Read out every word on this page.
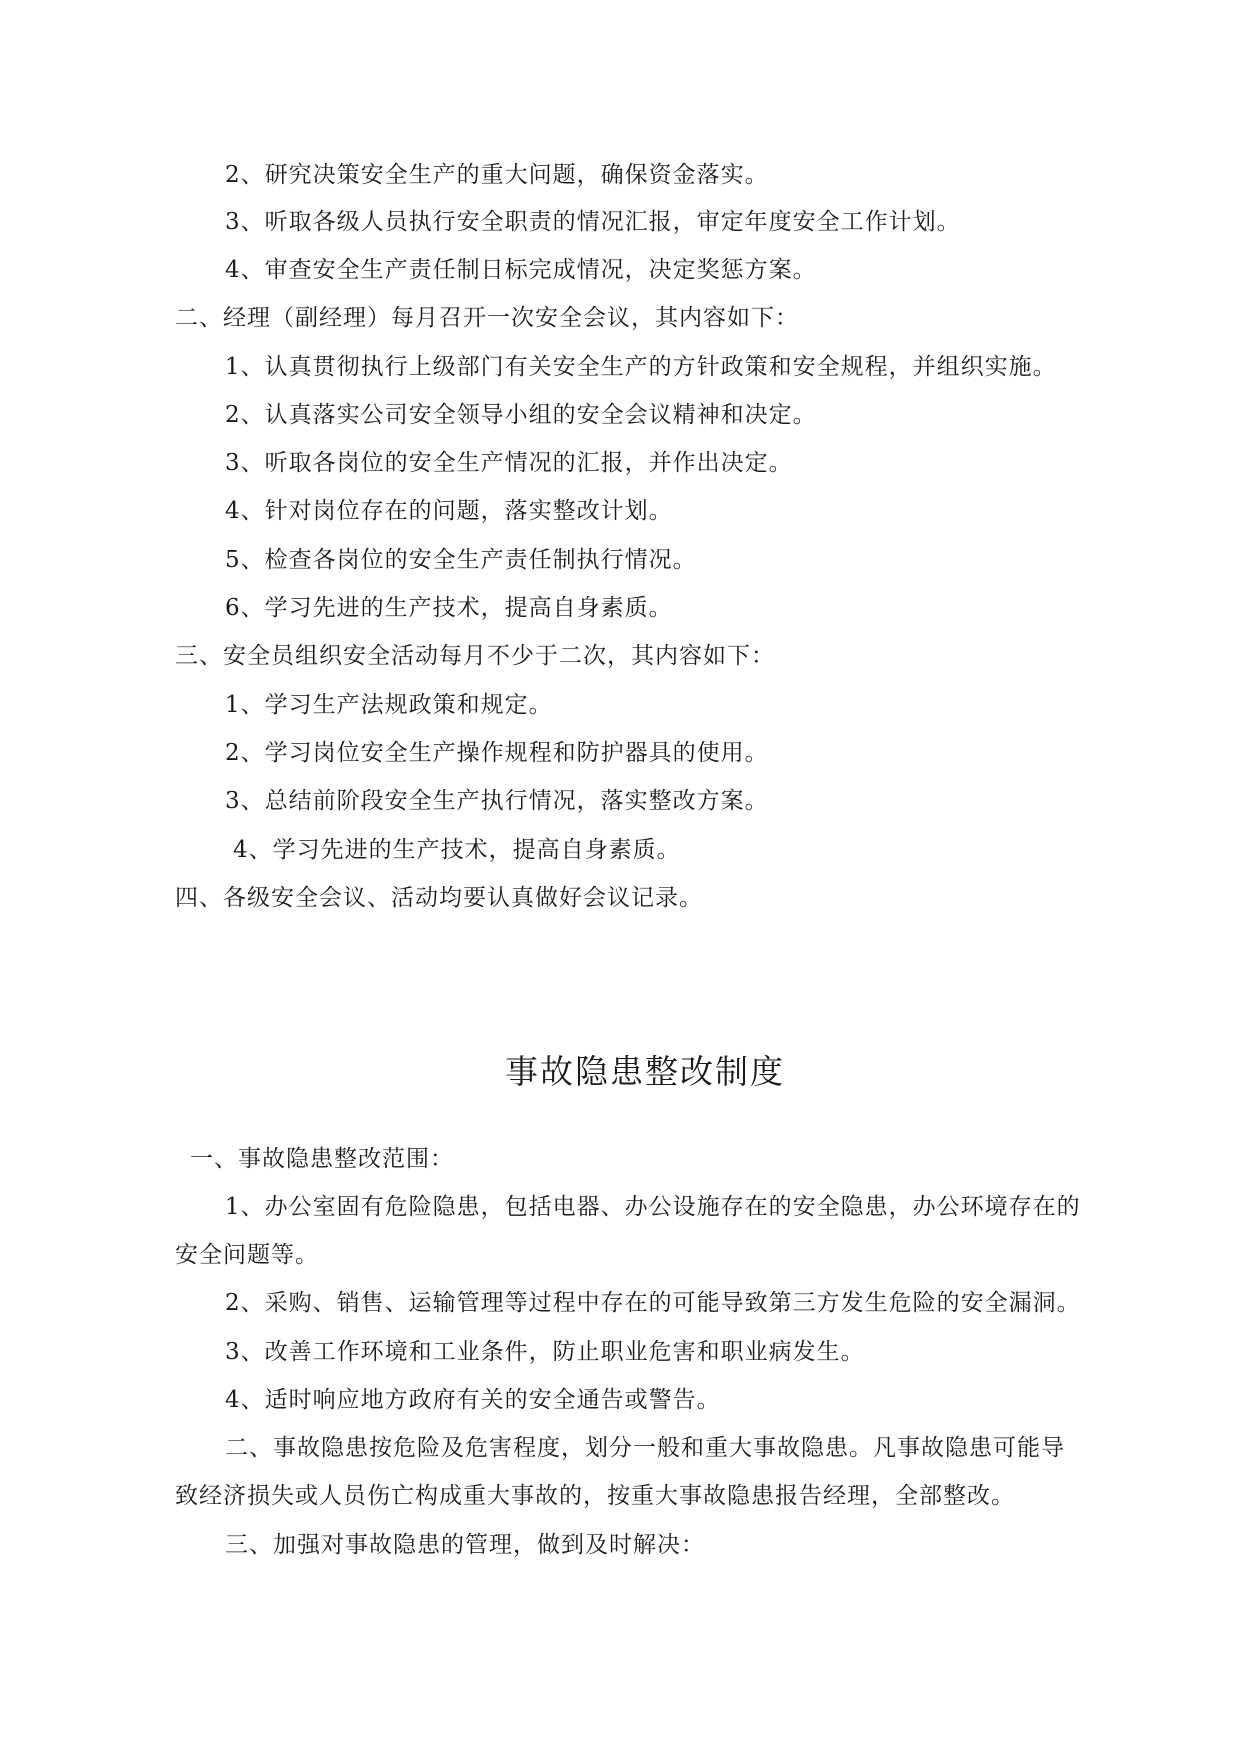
2、研究决策安全生产的重大问题，确保资金落实。
3、听取各级人员执行安全职责的情况汇报，审定年度安全工作计划。
4、审查安全生产责任制日标完成情况，决定奖惩方案。
二、经理（副经理）每月召开一次安全会议，其内容如下：
1、认真贯彻执行上级部门有关安全生产的方针政策和安全规程，并组织实施。
2、认真落实公司安全领导小组的安全会议精神和决定。
3、听取各岗位的安全生产情况的汇报，并作出决定。
4、针对岗位存在的问题，落实整改计划。
5、检查各岗位的安全生产责任制执行情况。
6、学习先进的生产技术，提高自身素质。
三、安全员组织安全活动每月不少于二次，其内容如下：
1、学习生产法规政策和规定。
2、学习岗位安全生产操作规程和防护器具的使用。
3、总结前阶段安全生产执行情况，落实整改方案。
4、学习先进的生产技术，提高自身素质。
四、各级安全会议、活动均要认真做好会议记录。
事故隐患整改制度
一、事故隐患整改范围：
1、办公室固有危险隐患，包括电器、办公设施存在的安全隐患，办公环境存在的
安全问题等。
2、采购、销售、运输管理等过程中存在的可能导致第三方发生危险的安全漏洞。
3、改善工作环境和工业条件，防止职业危害和职业病发生。
4、适时响应地方政府有关的安全通告或警告。
二、事故隐患按危险及危害程度，划分一般和重大事故隐患。凡事故隐患可能导
致经济损失或人员伤亡构成重大事故的，按重大事故隐患报告经理，全部整改。
三、加强对事故隐患的管理，做到及时解决：
